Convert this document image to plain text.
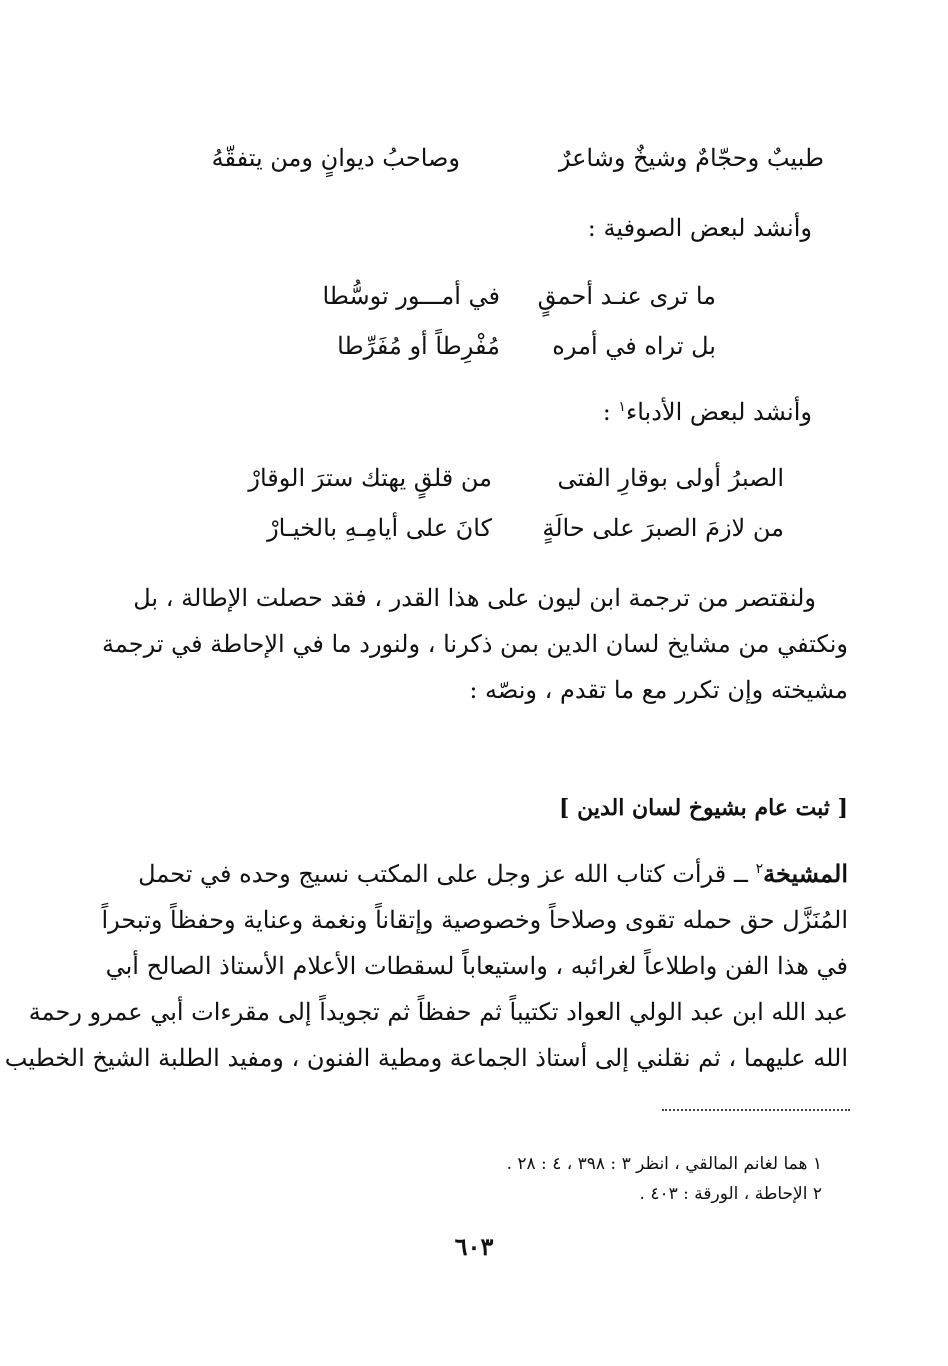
طبيبٌ وحجّامٌ وشيخٌ وشاعرٌ
وصاحبُ ديوانٍ ومن يتفقّهُ
وأنشد لبعض الصوفية :
ما ترى عنـد أحمقٍ
في أمـــور توسُّطا
بل تراه في أمره
مُفْرِطاً أو مُفَرِّطا
وأنشد لبعض الأدباء$^١$ :
الصبرُ أولى بوقارِ الفتى
من قلقٍ يهتك سترَ الوقارْ
من لازمَ الصبرَ على حالَةٍ
كانَ على أيامِـهِ بالخيـارْ
ولنقتصر من ترجمة ابن ليون على هذا القدر ، فقد حصلت الإطالة ، بل
ونكتفي من مشايخ لسان الدين بمن ذكرنا ، ولنورد ما في الإحاطة في ترجمة
مشيخته وإن تكرر مع ما تقدم ، ونصّه :
[ ثبت عام بشيوخ لسان الدين ]
المشيخة$^٢$ ــ قرأت كتاب الله عز وجل على المكتب نسيج وحده في تحمل
المُنَزَّل حق حمله تقوى وصلاحاً وخصوصية وإتقاناً ونغمة وعناية وحفظاً وتبحراً
في هذا الفن واطلاعاً لغرائبه ، واستيعاباً لسقطات الأعلام الأستاذ الصالح أبي
عبد الله ابن عبد الولي العواد تكتيباً ثم حفظاً ثم تجويداً إلى مقرءات أبي عمرو رحمة
الله عليهما ، ثم نقلني إلى أستاذ الجماعة ومطية الفنون ، ومفيد الطلبة الشيخ الخطيب
١ هما لغانم المالقي ، انظر ٣ : ٣٩٨ ، ٤ : ٢٨ .
٢ الإحاطة ، الورقة : ٤٠٣ .
٦٠٣
